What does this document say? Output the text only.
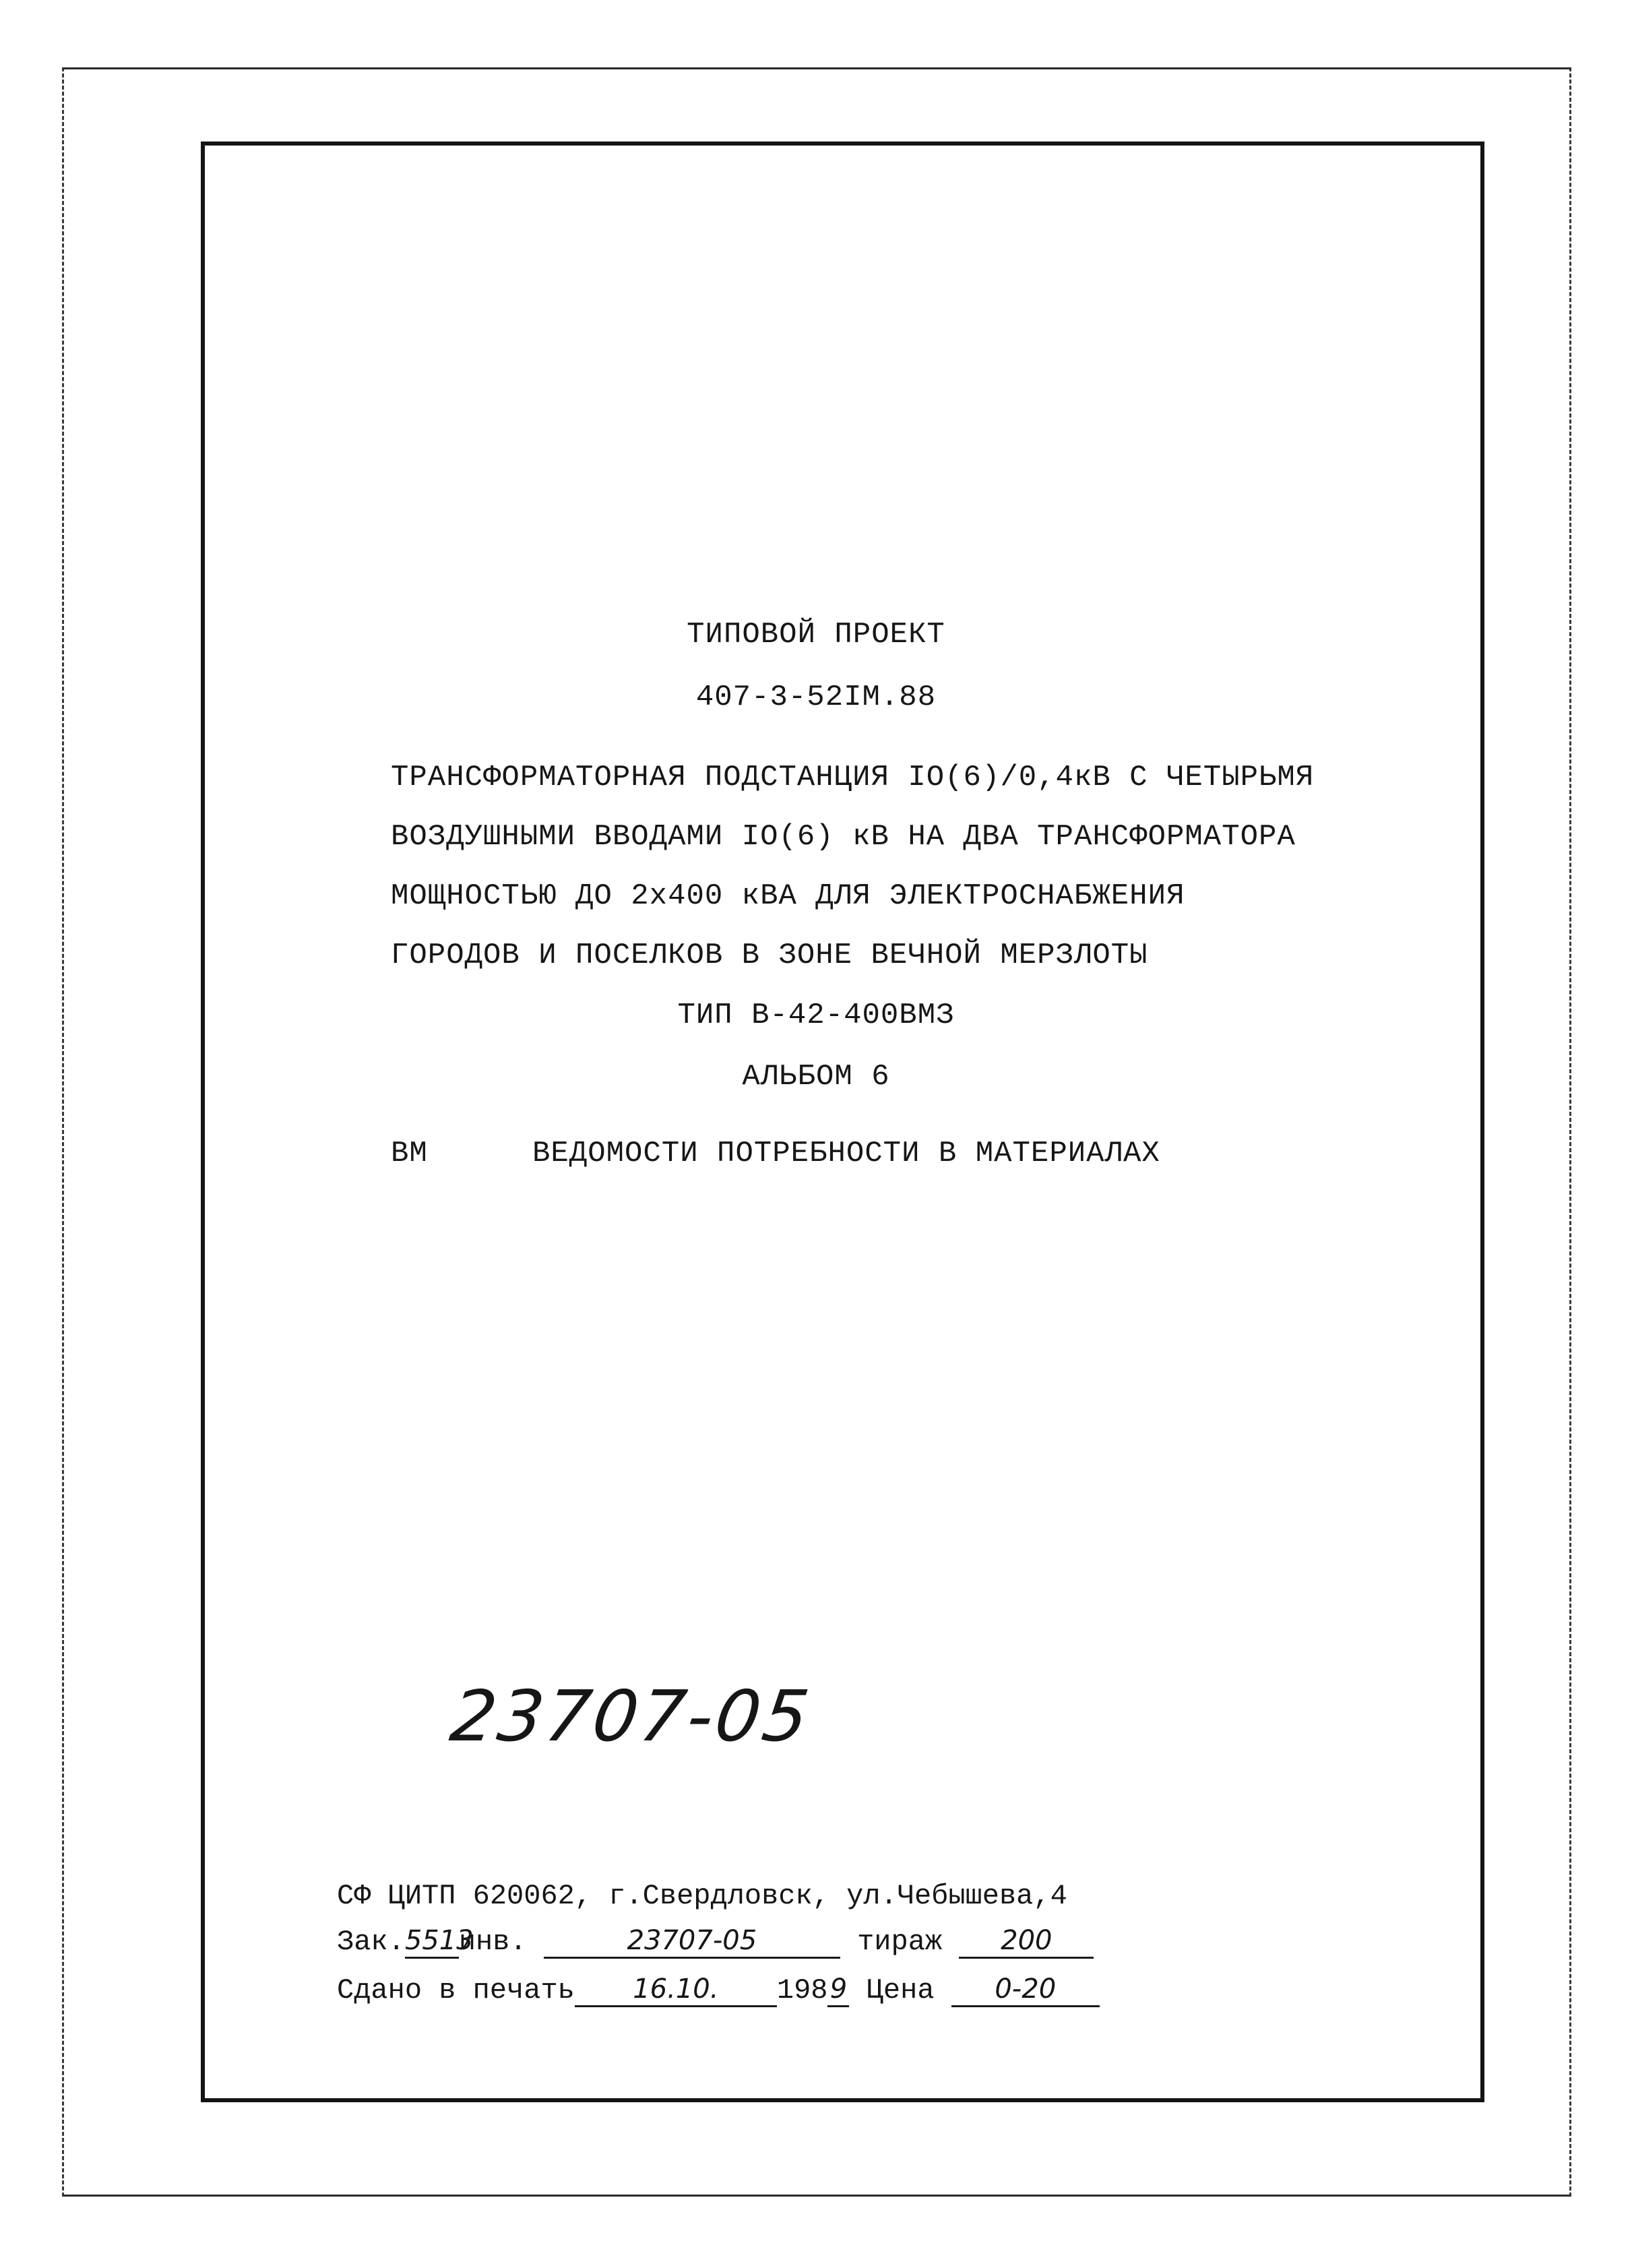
ТИПОВОЙ ПРОЕКТ
407-3-52IM.88
ТРАНСФОРМАТОРНАЯ ПОДСТАНЦИЯ IO(6)/0,4кВ С ЧЕТЫРЬМЯ
ВОЗДУШНЫМИ ВВОДАМИ IO(6) кВ НА ДВА ТРАНСФОРМАТОРА
МОЩНОСТЬЮ ДО 2х400 кВА ДЛЯ ЭЛЕКТРОСНАБЖЕНИЯ
ГОРОДОВ И ПОСЕЛКОВ В ЗОНЕ ВЕЧНОЙ МЕРЗЛОТЫ
ТИП В-42-400ВМЗ
АЛЬБОМ 6
ВМ	ВЕДОМОСТИ ПОТРЕБНОСТИ В МАТЕРИАЛАХ
23707-05
СФ ЦИТП 620062, г.Свердловск, ул.Чебышева,4
Зак.5513инв.	23707-05	тираж 200
Сдано в печать 16.10. 1989 Цена 0-20
